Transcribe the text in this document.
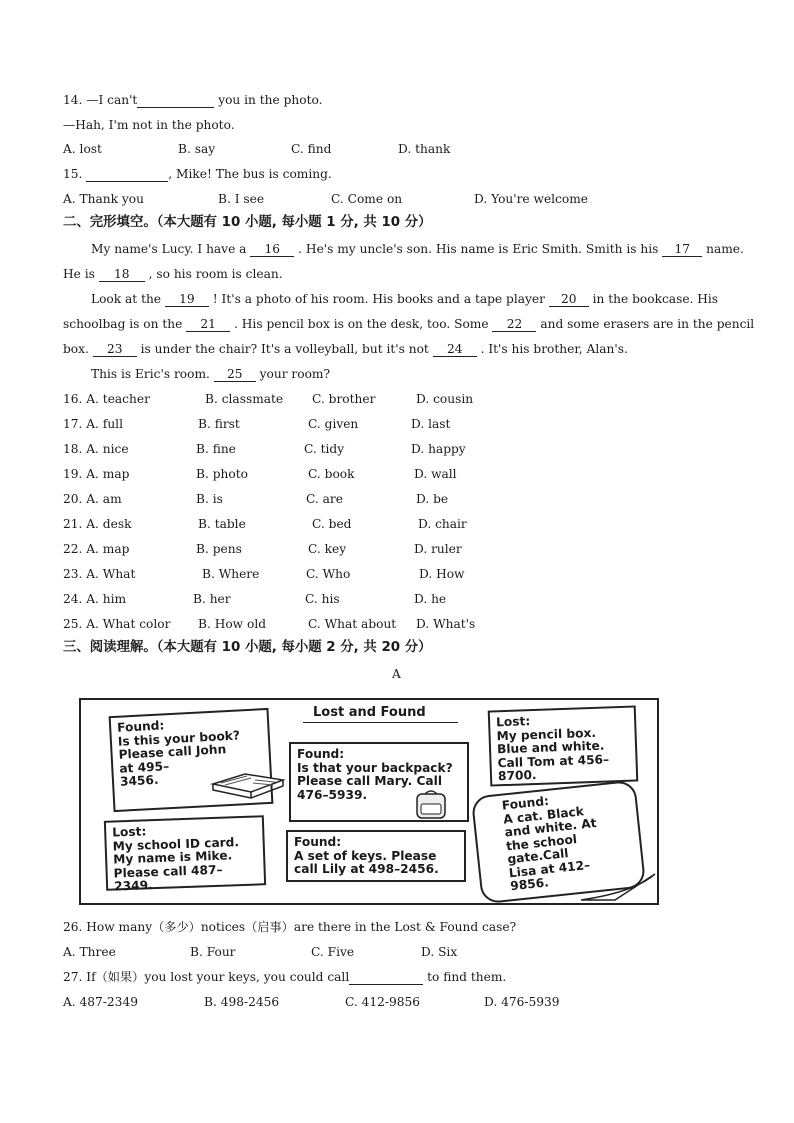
14. —I can't	you in the photo.
—Hah, I'm not in the photo.
A. lost	B. say	C. find	D. thank
15.	, Mike! The bus is coming.
A. Thank you	B. I see	C. Come on	D. You're welcome
二、完形填空。（本大题有 10 小题, 每小题 1 分, 共 10 分）
My name's Lucy. I have a 16 . He's my uncle's son. His name is Eric Smith. Smith is his 17 name.
He is 18 , so his room is clean.
Look at the 19 ! It's a photo of his room. His books and a tape player 20 in the bookcase. His
schoolbag is on the 21 . His pencil box is on the desk, too. Some 22 and some erasers are in the pencil
box. 23 is under the chair? It's a volleyball, but it's not 24 . It's his brother, Alan's.
This is Eric's room. 25 your room?
16. A. teacher	B. classmate C. brother	D. cousin
17. A. full	B. first	C. given	D. last
18. A. nice	B. fine	C. tidy	D. happy
19. A. map	B. photo	C. book	D. wall
20. A. am	B. is	C. are	D. be
21. A. desk	B. table	C. bed	D. chair
22. A. map	B. pens	C. key	D. ruler
23. A. What	B. Where	C. Who	D. How
24. A. him	B. her	C. his	D. he
25. A. What color B. How old	C. What about D. What's
三、阅读理解。（本大题有 10 小题, 每小题 2 分, 共 20 分）
A
Lost and Found
Found:
Is this your book?
Please call John
at 495–
3456.
Found:
Is that your backpack?
Please call Mary. Call
476–5939.
Lost:
My pencil box.
Blue and white.
Call Tom at 456–
8700.
Lost:
My school ID card.
My name is Mike.
Please call 487–
2349.
Found:
A set of keys. Please
call Lily at 498–2456.
Found:
A cat. Black
and white. At
the school
gate.Call
Lisa at 412–
9856.
26. How many（多少）notices（启事）are there in the Lost & Found case?
A. Three	B. Four	C. Five	D. Six
27. If（如果）you lost your keys, you could call	to find them.
A. 487-2349	B. 498-2456	C. 412-9856	D. 476-5939
